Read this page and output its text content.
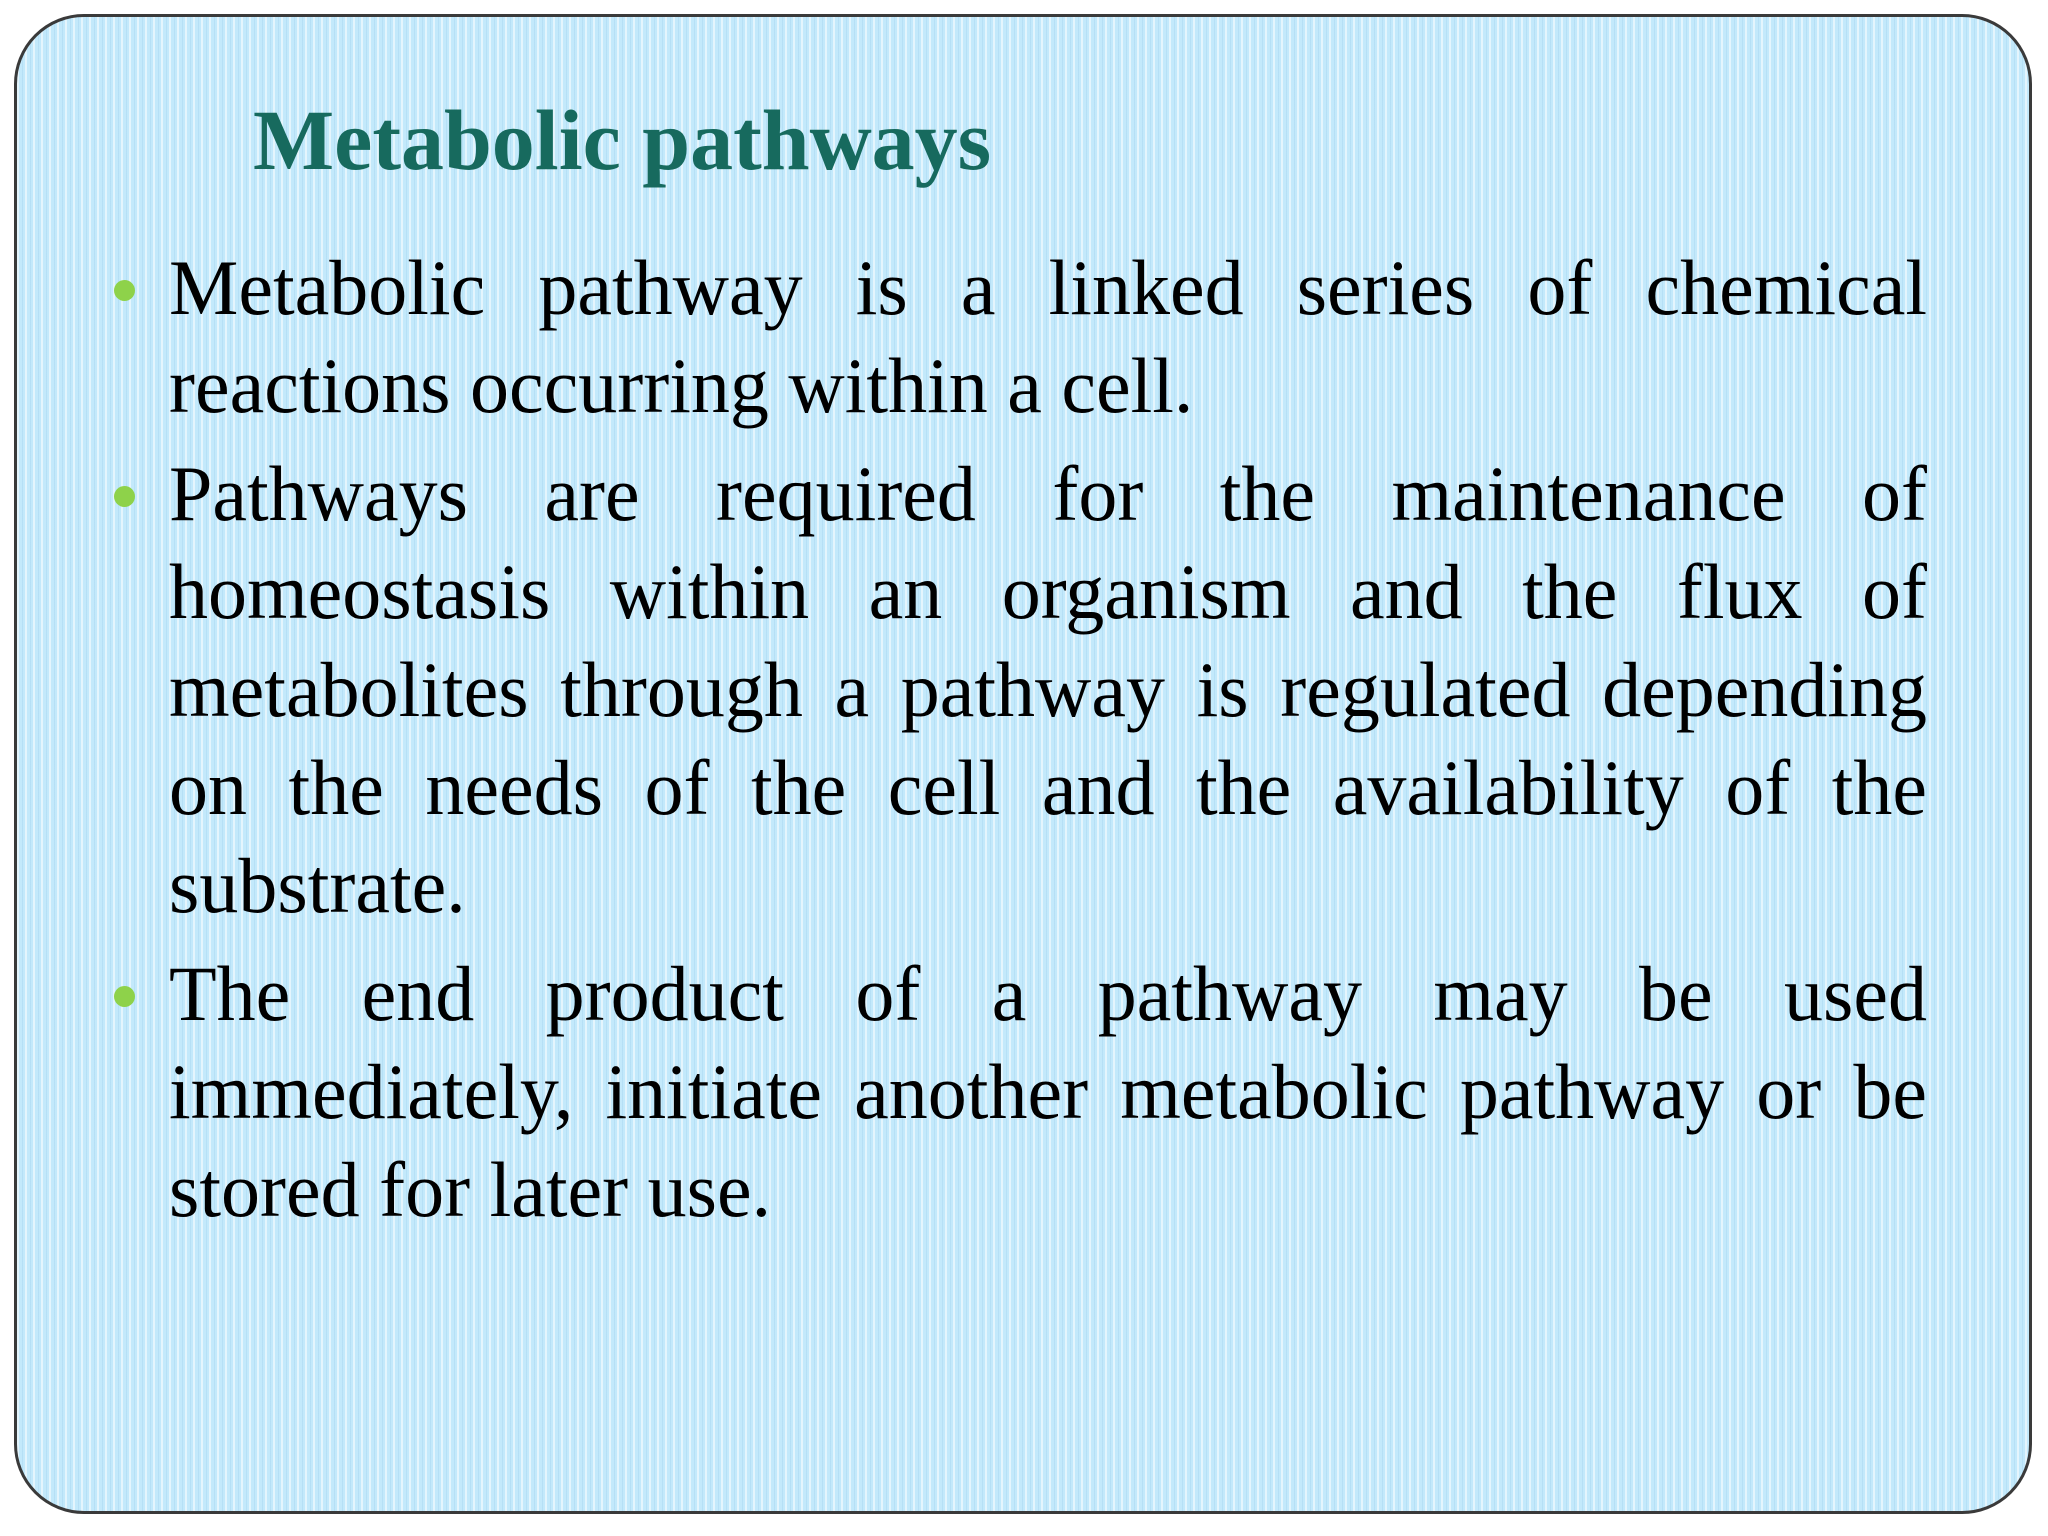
Metabolic pathways
Metabolic pathway is a linked series of chemical reactions occurring within a cell.
Pathways are required for the maintenance of homeostasis within an organism and the flux of metabolites through a pathway is regulated depending on the needs of the cell and the availability of the substrate.
The end product of a pathway may be used immediately, initiate another metabolic pathway or be stored for later use.
